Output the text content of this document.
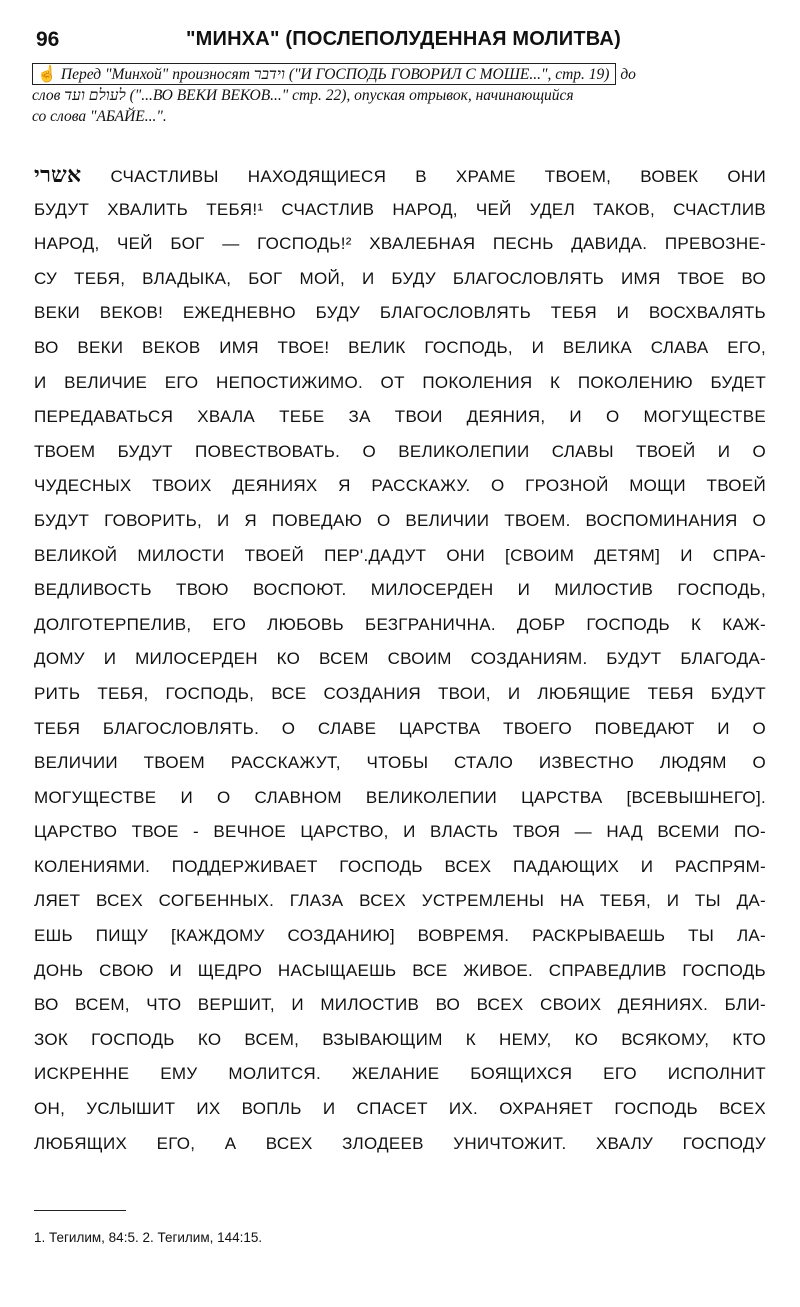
96	"МИНХА" (ПОСЛЕПОЛУДЕННАЯ МОЛИТВА)
☝ Перед "Минхой" произносят וידבר ("И ГОСПОДЬ ГОВОРИЛ С МОШЕ...", стр. 19) до
слов לעולם ועד ("...ВО ВЕКИ ВЕКОВ..." стр. 22), опуская отрывок, начинающийся
со слова "АБАЙЕ...".
אשרי СЧАСТЛИВЫ НАХОДЯЩИЕСЯ В ХРАМЕ ТВОЕМ, ВОВЕК ОНИ
БУДУТ ХВАЛИТЬ ТЕБЯ!¹ СЧАСТЛИВ НАРОД, ЧЕЙ УДЕЛ ТАКОВ, СЧАСТЛИВ
НАРОД, ЧЕЙ БОГ — ГОСПОДЬ!² ХВАЛЕБНАЯ ПЕСНЬ ДАВИДА. ПРЕВОЗНЕ-
СУ ТЕБЯ, ВЛАДЫКА, БОГ МОЙ, И БУДУ БЛАГОСЛОВЛЯТЬ ИМЯ ТВОЕ ВО
ВЕКИ ВЕКОВ! ЕЖЕДНЕВНО БУДУ БЛАГОСЛОВЛЯТЬ ТЕБЯ И ВОСХВАЛЯТЬ
ВО ВЕКИ ВЕКОВ ИМЯ ТВОЕ! ВЕЛИК ГОСПОДЬ, И ВЕЛИКА СЛАВА ЕГО,
И ВЕЛИЧИЕ ЕГО НЕПОСТИЖИМО. ОТ ПОКОЛЕНИЯ К ПОКОЛЕНИЮ БУДЕТ
ПЕРЕДАВАТЬСЯ ХВАЛА ТЕБЕ ЗА ТВОИ ДЕЯНИЯ, И О МОГУЩЕСТВЕ
ТВОЕМ БУДУТ ПОВЕСТВОВАТЬ. О ВЕЛИКОЛЕПИИ СЛАВЫ ТВОЕЙ И О
ЧУДЕСНЫХ ТВОИХ ДЕЯНИЯХ Я РАССКАЖУ. О ГРОЗНОЙ МОЩИ ТВОЕЙ
БУДУТ ГОВОРИТЬ, И Я ПОВЕДАЮ О ВЕЛИЧИИ ТВОЕМ. ВОСПОМИНАНИЯ О
ВЕЛИКОЙ МИЛОСТИ ТВОЕЙ ПЕР'.ДАДУТ ОНИ [СВОИМ ДЕТЯМ] И СПРА-
ВЕДЛИВОСТЬ ТВОЮ ВОСПОЮТ. МИЛОСЕРДЕН И МИЛОСТИВ ГОСПОДЬ,
ДОЛГОТЕРПЕЛИВ, ЕГО ЛЮБОВЬ БЕЗГРАНИЧНА. ДОБР ГОСПОДЬ К КАЖ-
ДОМУ И МИЛОСЕРДЕН КО ВСЕМ СВОИМ СОЗДАНИЯМ. БУДУТ БЛАГОДА-
РИТЬ ТЕБЯ, ГОСПОДЬ, ВСЕ СОЗДАНИЯ ТВОИ, И ЛЮБЯЩИЕ ТЕБЯ БУДУТ
ТЕБЯ БЛАГОСЛОВЛЯТЬ. О СЛАВЕ ЦАРСТВА ТВОЕГО ПОВЕДАЮТ И О
ВЕЛИЧИИ ТВОЕМ РАССКАЖУТ, ЧТОБЫ СТАЛО ИЗВЕСТНО ЛЮДЯМ О
МОГУЩЕСТВЕ И О СЛАВНОМ ВЕЛИКОЛЕПИИ ЦАРСТВА [ВСЕВЫШНЕГО].
ЦАРСТВО ТВОЕ - ВЕЧНОЕ ЦАРСТВО, И ВЛАСТЬ ТВОЯ — НАД ВСЕМИ ПО-
КОЛЕНИЯМИ. ПОДДЕРЖИВАЕТ ГОСПОДЬ ВСЕХ ПАДАЮЩИХ И РАСПРЯМ-
ЛЯЕТ ВСЕХ СОГБЕННЫХ. ГЛАЗА ВСЕХ УСТРЕМЛЕНЫ НА ТЕБЯ, И ТЫ ДА-
ЕШЬ ПИЩУ [КАЖДОМУ СОЗДАНИЮ] ВОВРЕМЯ. РАСКРЫВАЕШЬ ТЫ ЛА-
ДОНЬ СВОЮ И ЩЕДРО НАСЫЩАЕШЬ ВСЕ ЖИВОЕ. СПРАВЕДЛИВ ГОСПОДЬ
ВО ВСЕМ, ЧТО ВЕРШИТ, И МИЛОСТИВ ВО ВСЕХ СВОИХ ДЕЯНИЯХ. БЛИ-
ЗОК ГОСПОДЬ КО ВСЕМ, ВЗЫВАЮЩИМ К НЕМУ, КО ВСЯКОМУ, КТО
ИСКРЕННЕ ЕМУ МОЛИТСЯ. ЖЕЛАНИЕ БОЯЩИХСЯ ЕГО ИСПОЛНИТ
ОН, УСЛЫШИТ ИХ ВОПЛЬ И СПАСЕТ ИХ. ОХРАНЯЕТ ГОСПОДЬ ВСЕХ
ЛЮБЯЩИХ ЕГО, А ВСЕХ ЗЛОДЕЕВ УНИЧТОЖИТ. ХВАЛУ ГОСПОДУ
1. Тегилим, 84:5. 2. Тегилим, 144:15.
